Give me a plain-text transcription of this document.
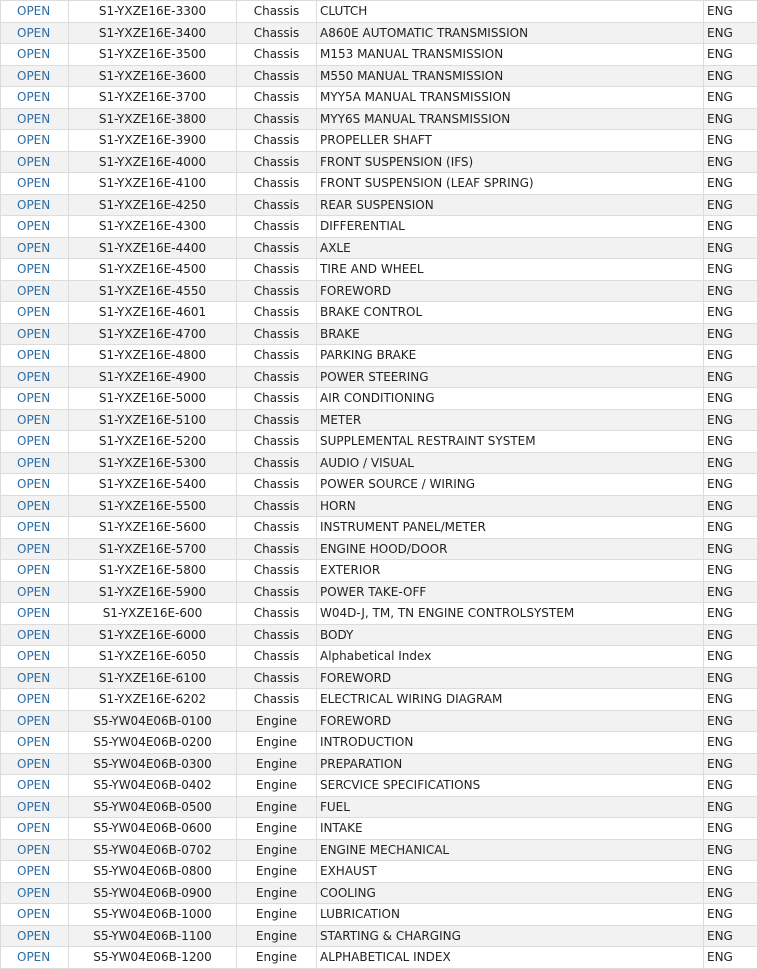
OPEN	S1-YXZE16E-3300	Chassis	CLUTCH	ENG
OPEN	S1-YXZE16E-3400	Chassis	A860E AUTOMATIC TRANSMISSION	ENG
OPEN	S1-YXZE16E-3500	Chassis	M153 MANUAL TRANSMISSION	ENG
OPEN	S1-YXZE16E-3600	Chassis	M550 MANUAL TRANSMISSION	ENG
OPEN	S1-YXZE16E-3700	Chassis	MYY5A MANUAL TRANSMISSION	ENG
OPEN	S1-YXZE16E-3800	Chassis	MYY6S MANUAL TRANSMISSION	ENG
OPEN	S1-YXZE16E-3900	Chassis	PROPELLER SHAFT	ENG
OPEN	S1-YXZE16E-4000	Chassis	FRONT SUSPENSION (IFS)	ENG
OPEN	S1-YXZE16E-4100	Chassis	FRONT SUSPENSION (LEAF SPRING)	ENG
OPEN	S1-YXZE16E-4250	Chassis	REAR SUSPENSION	ENG
OPEN	S1-YXZE16E-4300	Chassis	DIFFERENTIAL	ENG
OPEN	S1-YXZE16E-4400	Chassis	AXLE	ENG
OPEN	S1-YXZE16E-4500	Chassis	TIRE AND WHEEL	ENG
OPEN	S1-YXZE16E-4550	Chassis	FOREWORD	ENG
OPEN	S1-YXZE16E-4601	Chassis	BRAKE CONTROL	ENG
OPEN	S1-YXZE16E-4700	Chassis	BRAKE	ENG
OPEN	S1-YXZE16E-4800	Chassis	PARKING BRAKE	ENG
OPEN	S1-YXZE16E-4900	Chassis	POWER STEERING	ENG
OPEN	S1-YXZE16E-5000	Chassis	AIR CONDITIONING	ENG
OPEN	S1-YXZE16E-5100	Chassis	METER	ENG
OPEN	S1-YXZE16E-5200	Chassis	SUPPLEMENTAL RESTRAINT SYSTEM	ENG
OPEN	S1-YXZE16E-5300	Chassis	AUDIO / VISUAL	ENG
OPEN	S1-YXZE16E-5400	Chassis	POWER SOURCE / WIRING	ENG
OPEN	S1-YXZE16E-5500	Chassis	HORN	ENG
OPEN	S1-YXZE16E-5600	Chassis	INSTRUMENT PANEL/METER	ENG
OPEN	S1-YXZE16E-5700	Chassis	ENGINE HOOD/DOOR	ENG
OPEN	S1-YXZE16E-5800	Chassis	EXTERIOR	ENG
OPEN	S1-YXZE16E-5900	Chassis	POWER TAKE-OFF	ENG
OPEN	S1-YXZE16E-600	Chassis	W04D-J, TM, TN ENGINE CONTROLSYSTEM	ENG
OPEN	S1-YXZE16E-6000	Chassis	BODY	ENG
OPEN	S1-YXZE16E-6050	Chassis	Alphabetical Index	ENG
OPEN	S1-YXZE16E-6100	Chassis	FOREWORD	ENG
OPEN	S1-YXZE16E-6202	Chassis	ELECTRICAL WIRING DIAGRAM	ENG
OPEN	S5-YW04E06B-0100	Engine	FOREWORD	ENG
OPEN	S5-YW04E06B-0200	Engine	INTRODUCTION	ENG
OPEN	S5-YW04E06B-0300	Engine	PREPARATION	ENG
OPEN	S5-YW04E06B-0402	Engine	SERCVICE SPECIFICATIONS	ENG
OPEN	S5-YW04E06B-0500	Engine	FUEL	ENG
OPEN	S5-YW04E06B-0600	Engine	INTAKE	ENG
OPEN	S5-YW04E06B-0702	Engine	ENGINE MECHANICAL	ENG
OPEN	S5-YW04E06B-0800	Engine	EXHAUST	ENG
OPEN	S5-YW04E06B-0900	Engine	COOLING	ENG
OPEN	S5-YW04E06B-1000	Engine	LUBRICATION	ENG
OPEN	S5-YW04E06B-1100	Engine	STARTING & CHARGING	ENG
OPEN	S5-YW04E06B-1200	Engine	ALPHABETICAL INDEX	ENG
